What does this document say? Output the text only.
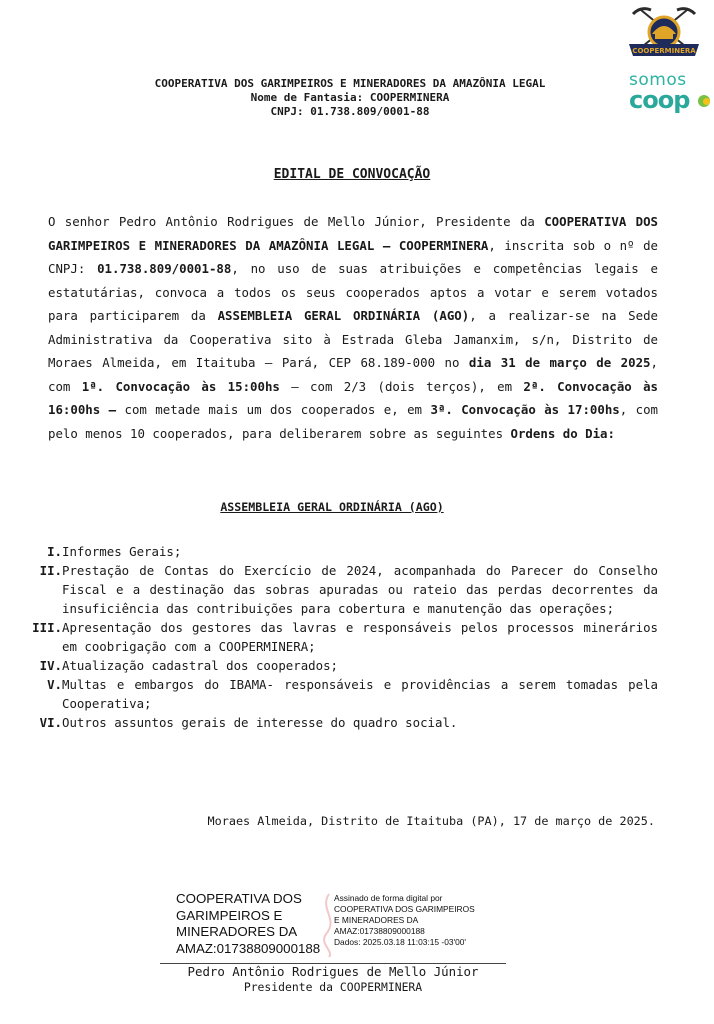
COOPERMINERA
somos
coop
COOPERATIVA DOS GARIMPEIROS E MINERADORES DA AMAZÔNIA LEGAL
Nome de Fantasia: COOPERMINERA
CNPJ: 01.738.809/0001-88
EDITAL DE CONVOCAÇÃO
O senhor Pedro Antônio Rodrigues de Mello Júnior, Presidente da COOPERATIVA DOS GARIMPEIROS E MINERADORES DA AMAZÔNIA LEGAL – COOPERMINERA, inscrita sob o nº de CNPJ: 01.738.809/0001-88, no uso de suas atribuições e competências legais e estatutárias, convoca a todos os seus cooperados aptos a votar e serem votados para participarem da ASSEMBLEIA GERAL ORDINÁRIA (AGO), a realizar-se na Sede Administrativa da Cooperativa sito à Estrada Gleba Jamanxim, s/n, Distrito de Moraes Almeida, em Itaituba – Pará, CEP 68.189-000 no dia 31 de março de 2025, com 1ª. Convocação às 15:00hs – com 2/3 (dois terços), em 2ª. Convocação às 16:00hs – com metade mais um dos cooperados e, em 3ª. Convocação às 17:00hs, com pelo menos 10 cooperados, para deliberarem sobre as seguintes Ordens do Dia:
ASSEMBLEIA GERAL ORDINÁRIA (AGO)
I. Informes Gerais;
II. Prestação de Contas do Exercício de 2024, acompanhada do Parecer do Conselho Fiscal e a destinação das sobras apuradas ou rateio das perdas decorrentes da insuficiência das contribuições para cobertura e manutenção das operações;
III. Apresentação dos gestores das lavras e responsáveis pelos processos minerários em coobrigação com a COOPERMINERA;
IV. Atualização cadastral dos cooperados;
V. Multas e embargos do IBAMA- responsáveis e providências a serem tomadas pela Cooperativa;
VI. Outros assuntos gerais de interesse do quadro social.
Moraes Almeida, Distrito de Itaituba (PA), 17 de março de 2025.
COOPERATIVA DOS
GARIMPEIROS E
MINERADORES DA
AMAZ:01738809000188
Assinado de forma digital por
COOPERATIVA DOS GARIMPEIROS
E MINERADORES DA
AMAZ:01738809000188
Dados: 2025.03.18 11:03:15 -03'00'
Pedro Antônio Rodrigues de Mello Júnior
Presidente da COOPERMINERA
